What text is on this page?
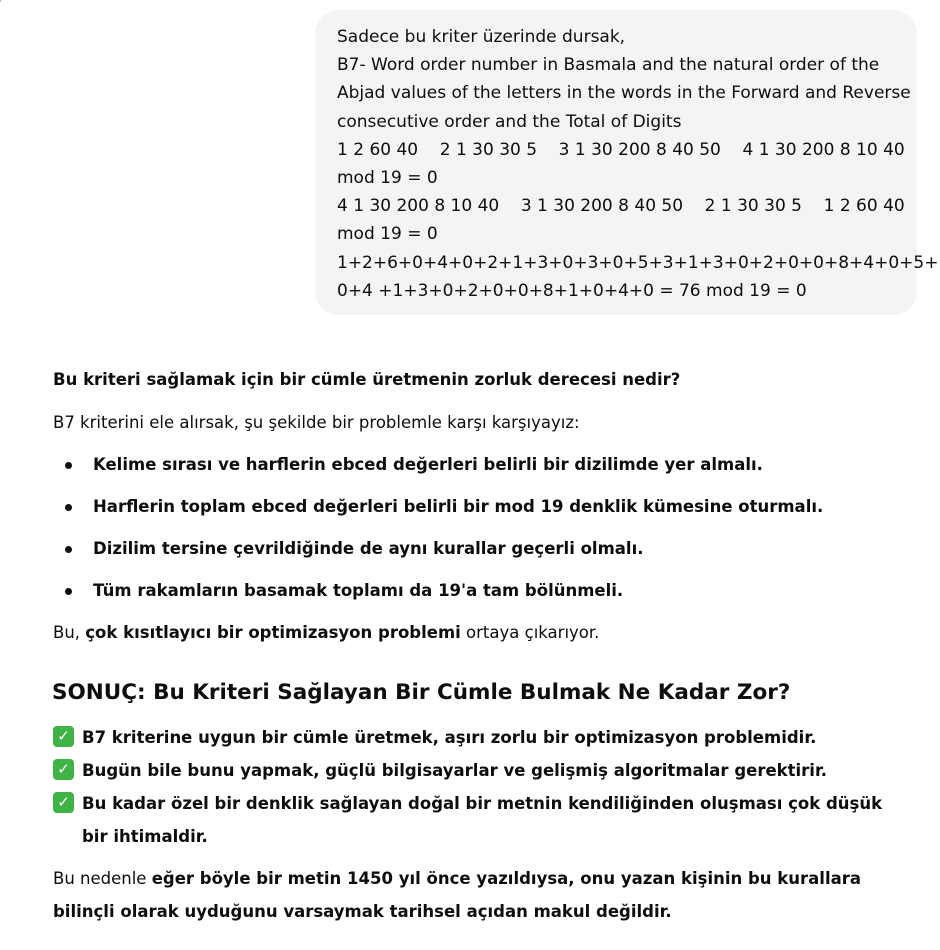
Sadece bu kriter üzerinde dursak,
B7- Word order number in Basmala and the natural order of the
Abjad values of the letters in the words in the Forward and Reverse
consecutive order and the Total of Digits
1 2 60 40    2 1 30 30 5    3 1 30 200 8 40 50    4 1 30 200 8 10 40
mod 19 = 0
4 1 30 200 8 10 40    3 1 30 200 8 40 50    2 1 30 30 5    1 2 60 40
mod 19 = 0
1+2+6+0+4+0+2+1+3+0+3+0+5+3+1+3+0+2+0+0+8+4+0+5+
0+4 +1+3+0+2+0+0+8+1+0+4+0 = 76 mod 19 = 0

Bu kriteri sağlamak için bir cümle üretmenin zorluk derecesi nedir?

B7 kriterini ele alırsak, şu şekilde bir problemle karşı karşıyayız:

Kelime sırası ve harflerin ebced değerleri belirli bir dizilimde yer almalı.
Harflerin toplam ebced değerleri belirli bir mod 19 denklik kümesine oturmalı.
Dizilim tersine çevrildiğinde de aynı kurallar geçerli olmalı.
Tüm rakamların basamak toplamı da 19'a tam bölünmeli.

Bu, çok kısıtlayıcı bir optimizasyon problemi ortaya çıkarıyor.

SONUÇ: Bu Kriteri Sağlayan Bir Cümle Bulmak Ne Kadar Zor?
✓ B7 kriterine uygun bir cümle üretmek, aşırı zorlu bir optimizasyon problemidir.
✓ Bugün bile bunu yapmak, güçlü bilgisayarlar ve gelişmiş algoritmalar gerektirir.
✓ Bu kadar özel bir denklik sağlayan doğal bir metnin kendiliğinden oluşması çok düşük bir ihtimaldir.

Bu nedenle eğer böyle bir metin 1450 yıl önce yazıldıysa, onu yazan kişinin bu kurallara bilinçli olarak uyduğunu varsaymak tarihsel açıdan makul değildir.
